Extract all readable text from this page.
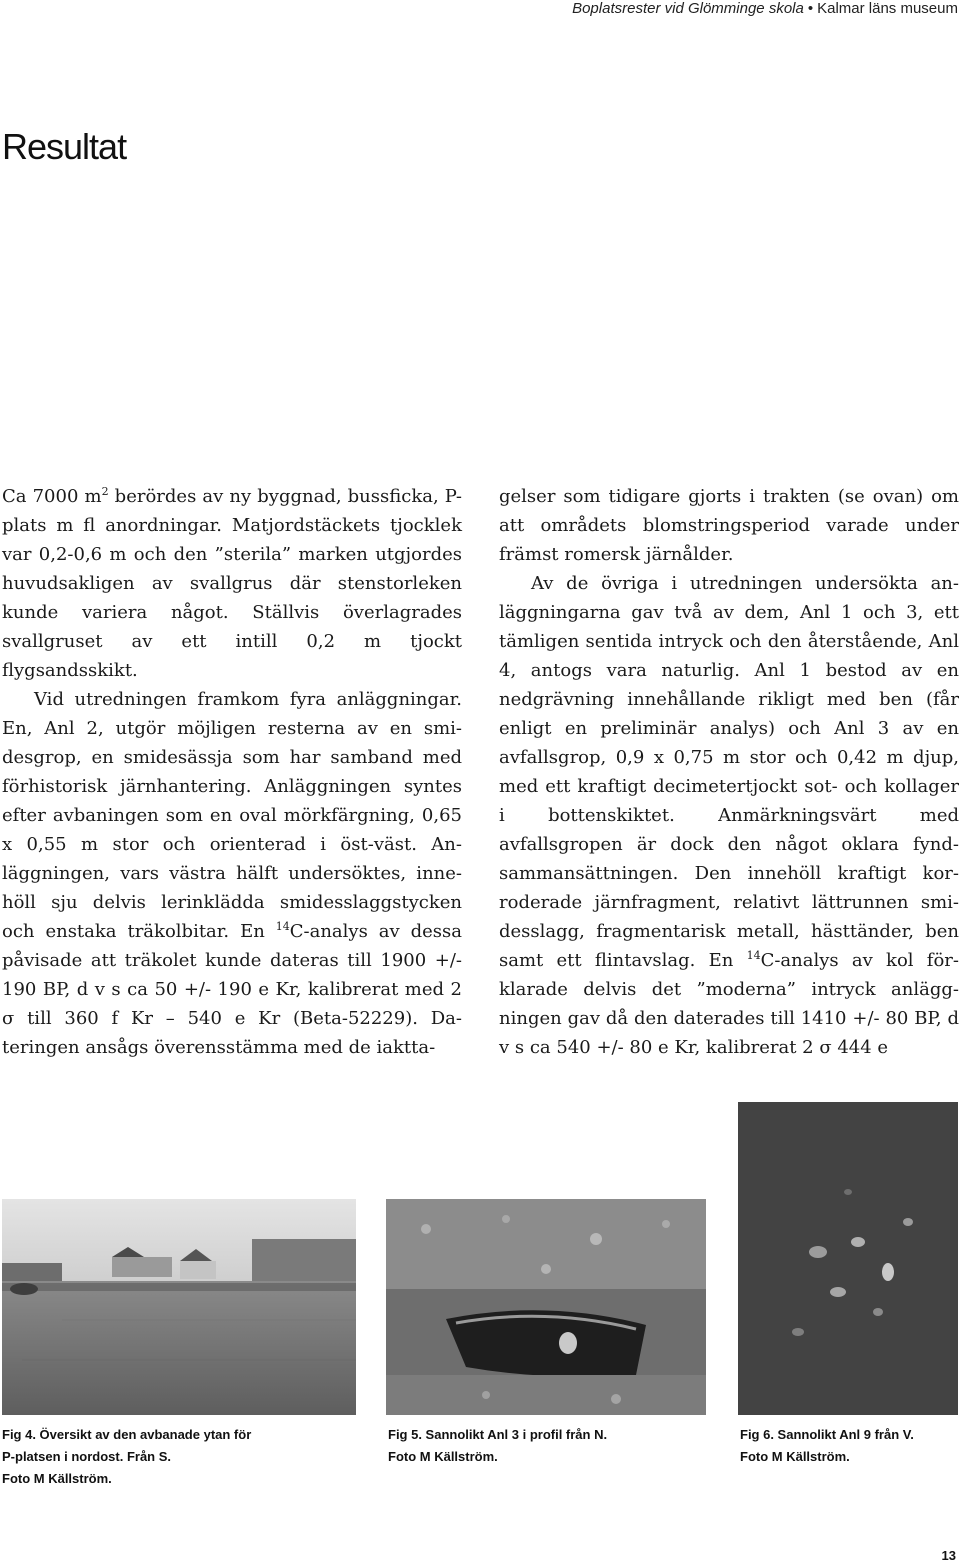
Boplatsrester vid Glömminge skola • Kalmar läns museum
Resultat

Ca 7000 $m^2$ berördes av ny byggnad, bussficka, P-plats m fl anordningar. Matjordstäckets tjocklek var 0,2-0,6 m och den ”sterila” marken utgjordes huvudsakligen av svallgrus där stenstorleken kunde variera något. Ställvis överlagrades svallgruset av ett intill 0,2 m tjockt flygsandsskikt.

Vid utredningen framkom fyra anläggningar. En, Anl 2, utgör möjligen resterna av en smidesgrop, en smidesässja som har samband med förhistorisk järnhantering. Anläggningen syntes efter avbaningen som en oval mörkfärgning, 0,65 x 0,55 m stor och orienterad i öst-väst. Anläggningen, vars västra hälft undersöktes, innehöll sju delvis lerinklädda smidesslaggstycken och enstaka träkolbitar. En $^{14}$C-analys av dessa påvisade att träkolet kunde dateras till 1900 +/- 190 BP, d v s ca 50 +/- 190 e Kr, kalibrerat med 2 σ till 360 f Kr – 540 e Kr (Beta-52229). Dateringen ansågs överensstämma med de iaktta-

gelser som tidigare gjorts i trakten (se ovan) om att områdets blomstringsperiod varade under främst romersk järnålder.

Av de övriga i utredningen undersökta anläggningarna gav två av dem, Anl 1 och 3, ett tämligen sentida intryck och den återstående, Anl 4, antogs vara naturlig. Anl 1 bestod av en nedgrävning innehållande rikligt med ben (får enligt en preliminär analys) och Anl 3 av en avfallsgrop, 0,9 x 0,75 m stor och 0,42 m djup, med ett kraftigt decimetertjockt sot- och kollager i bottenskiktet. Anmärkningsvärt med avfallsgropen är dock den något oklara fyndsammansättningen. Den innehöll kraftigt korroderade järnfragment, relativt lättrunnen smidesslagg, fragmentarisk metall, hästtänder, ben samt ett flintavslag. En $^{14}$C-analys av kol förklarade delvis det ”moderna” intryck anläggningen gav då den daterades till 1410 +/- 80 BP, d v s ca 540 +/- 80 e Kr, kalibrerat 2 σ 444 e

Fig 4. Översikt av den avbanade ytan för
P-platsen i nordost. Från S.
Foto M Källström.
Fig 5. Sannolikt Anl 3 i profil från N.
Foto M Källström.
Fig 6. Sannolikt Anl 9 från V.
Foto M Källström.
13
